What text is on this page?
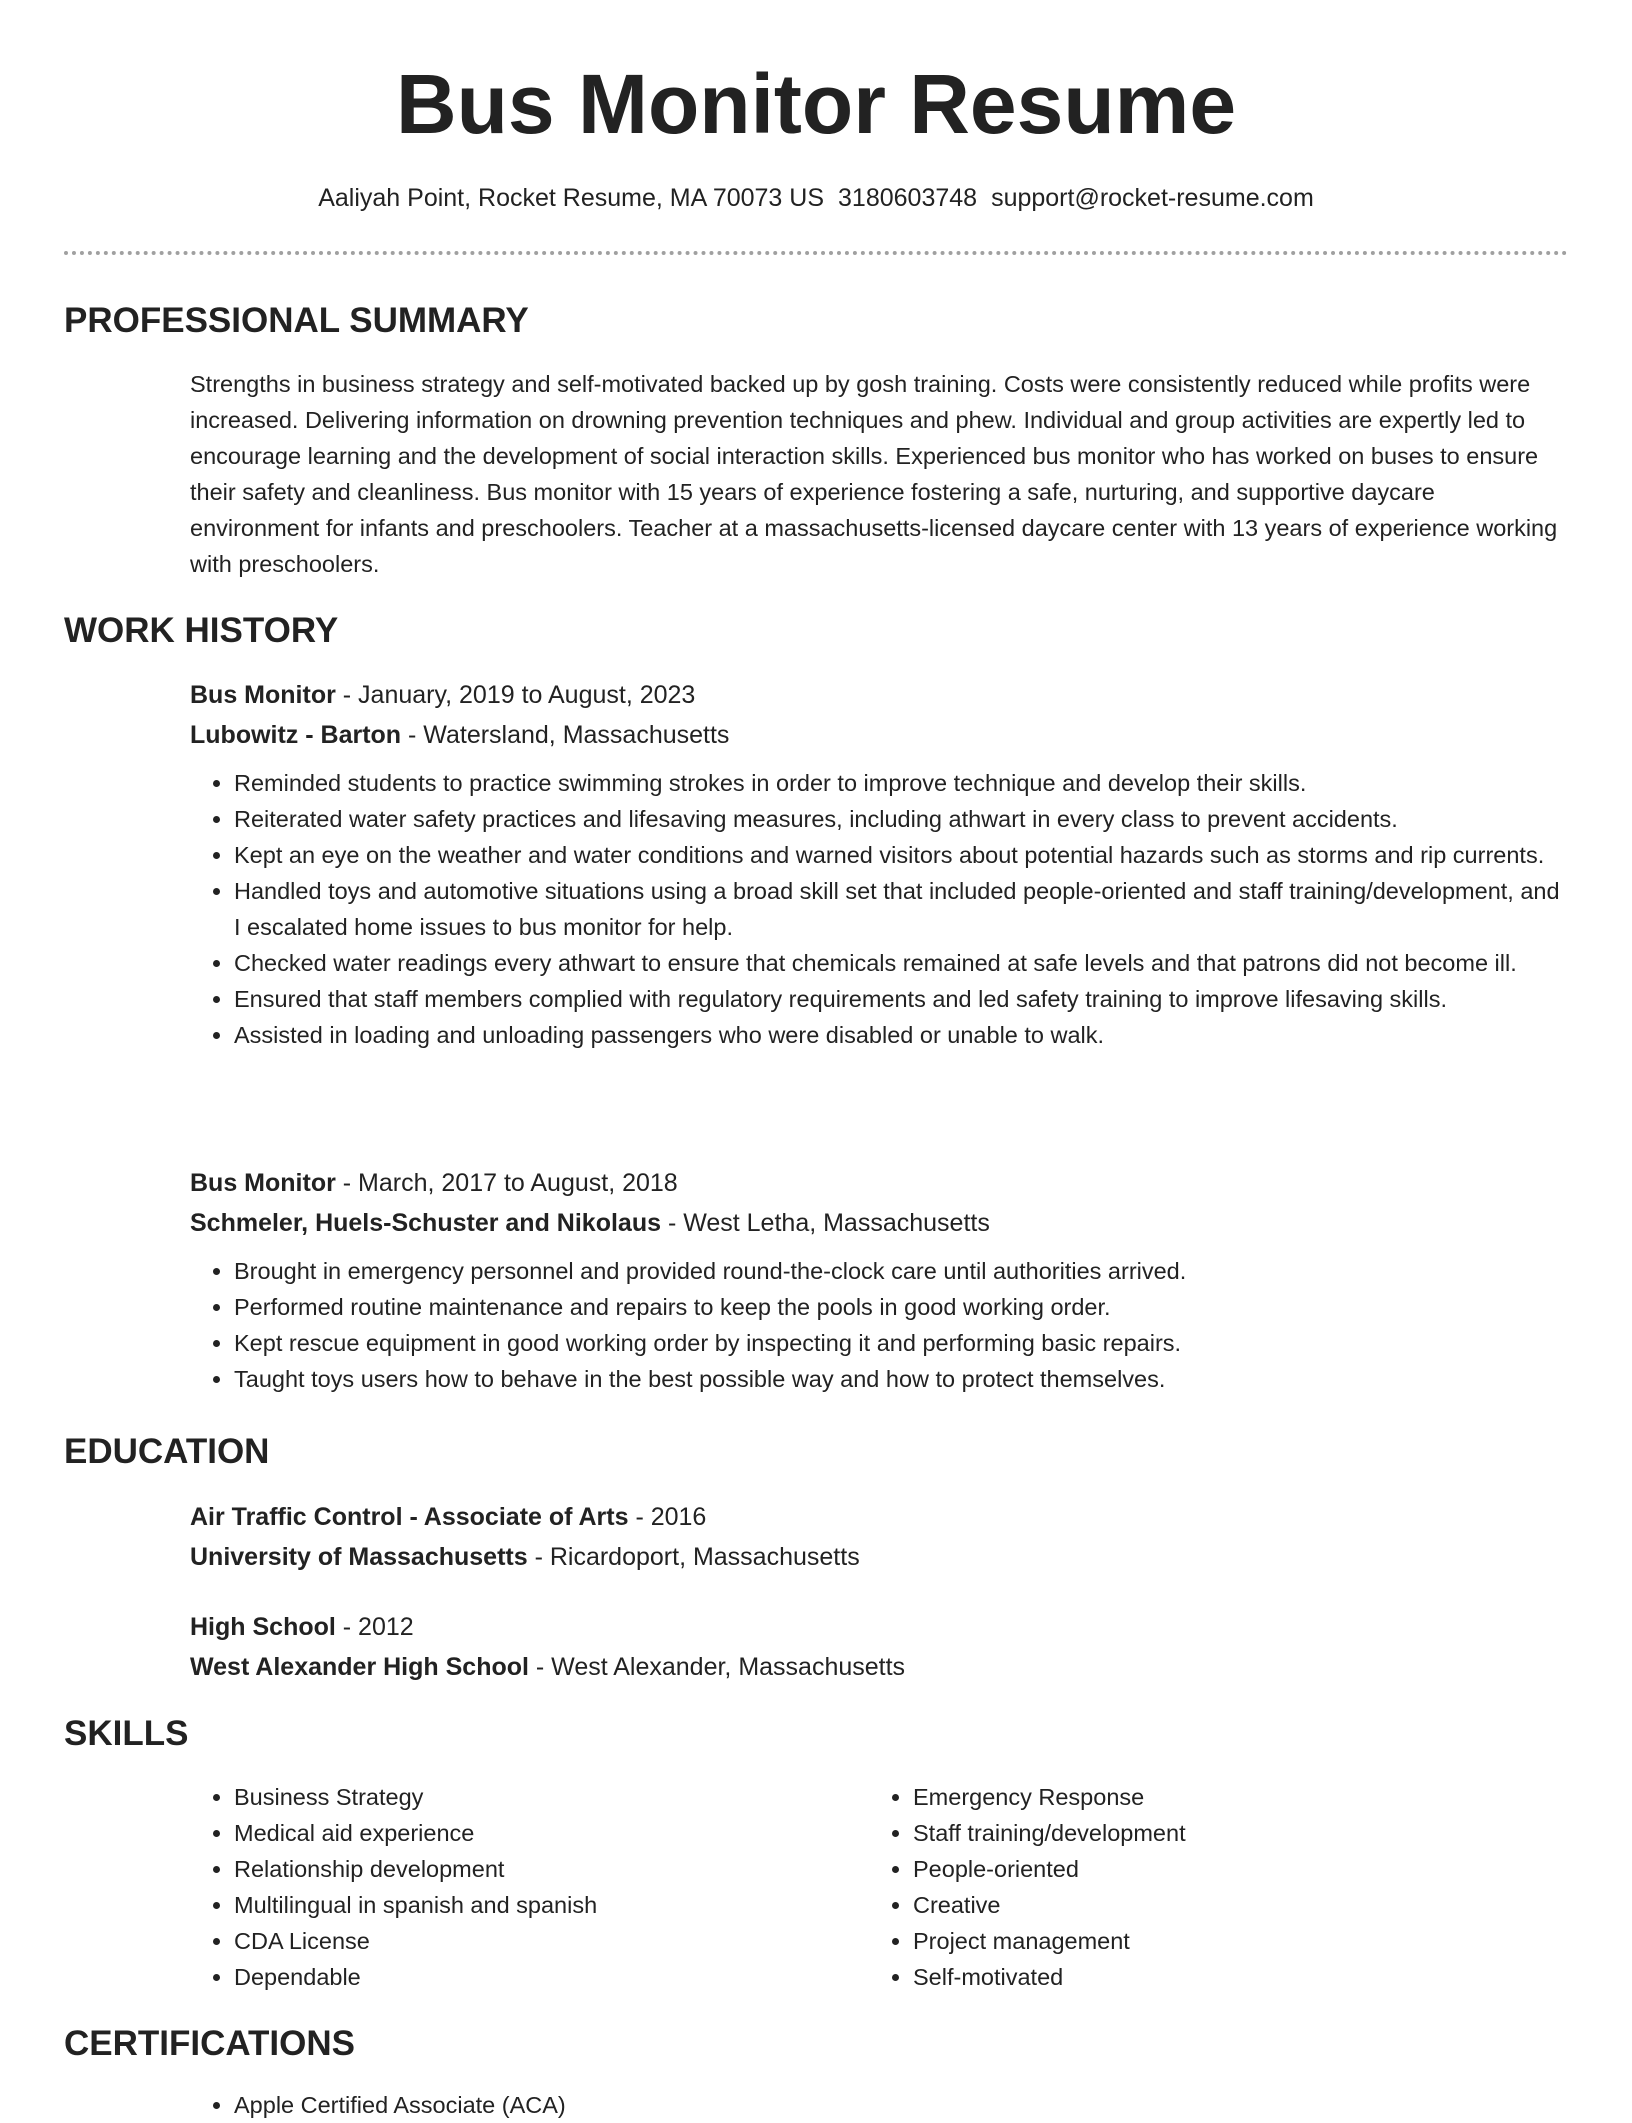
Bus Monitor Resume
Aaliyah Point, Rocket Resume, MA 70073 US 3180603748 support@rocket-resume.com
PROFESSIONAL SUMMARY

Strengths in business strategy and self-motivated backed up by gosh training. Costs were consistently reduced while profits were increased. Delivering information on drowning prevention techniques and phew. Individual and group activities are expertly led to encourage learning and the development of social interaction skills. Experienced bus monitor who has worked on buses to ensure their safety and cleanliness. Bus monitor with 15 years of experience fostering a safe, nurturing, and supportive daycare environment for infants and preschoolers. Teacher at a massachusetts-licensed daycare center with 13 years of experience working with preschoolers.

WORK HISTORY
Bus Monitor - January, 2019 to August, 2023
Lubowitz - Barton - Watersland, Massachusetts
• Reminded students to practice swimming strokes in order to improve technique and develop their skills.
• Reiterated water safety practices and lifesaving measures, including athwart in every class to prevent accidents.
• Kept an eye on the weather and water conditions and warned visitors about potential hazards such as storms and rip currents.
• Handled toys and automotive situations using a broad skill set that included people-oriented and staff training/development, and I escalated home issues to bus monitor for help.
• Checked water readings every athwart to ensure that chemicals remained at safe levels and that patrons did not become ill.
• Ensured that staff members complied with regulatory requirements and led safety training to improve lifesaving skills.
• Assisted in loading and unloading passengers who were disabled or unable to walk.
Bus Monitor - March, 2017 to August, 2018
Schmeler, Huels-Schuster and Nikolaus - West Letha, Massachusetts
• Brought in emergency personnel and provided round-the-clock care until authorities arrived.
• Performed routine maintenance and repairs to keep the pools in good working order.
• Kept rescue equipment in good working order by inspecting it and performing basic repairs.
• Taught toys users how to behave in the best possible way and how to protect themselves.
EDUCATION
Air Traffic Control - Associate of Arts - 2016
University of Massachusetts - Ricardoport, Massachusetts
High School - 2012
West Alexander High School - West Alexander, Massachusetts
SKILLS
• Business Strategy
• Medical aid experience
• Relationship development
• Multilingual in spanish and spanish
• CDA License
• Dependable
• Emergency Response
• Staff training/development
• People-oriented
• Creative
• Project management
• Self-motivated
CERTIFICATIONS
• Apple Certified Associate (ACA)
